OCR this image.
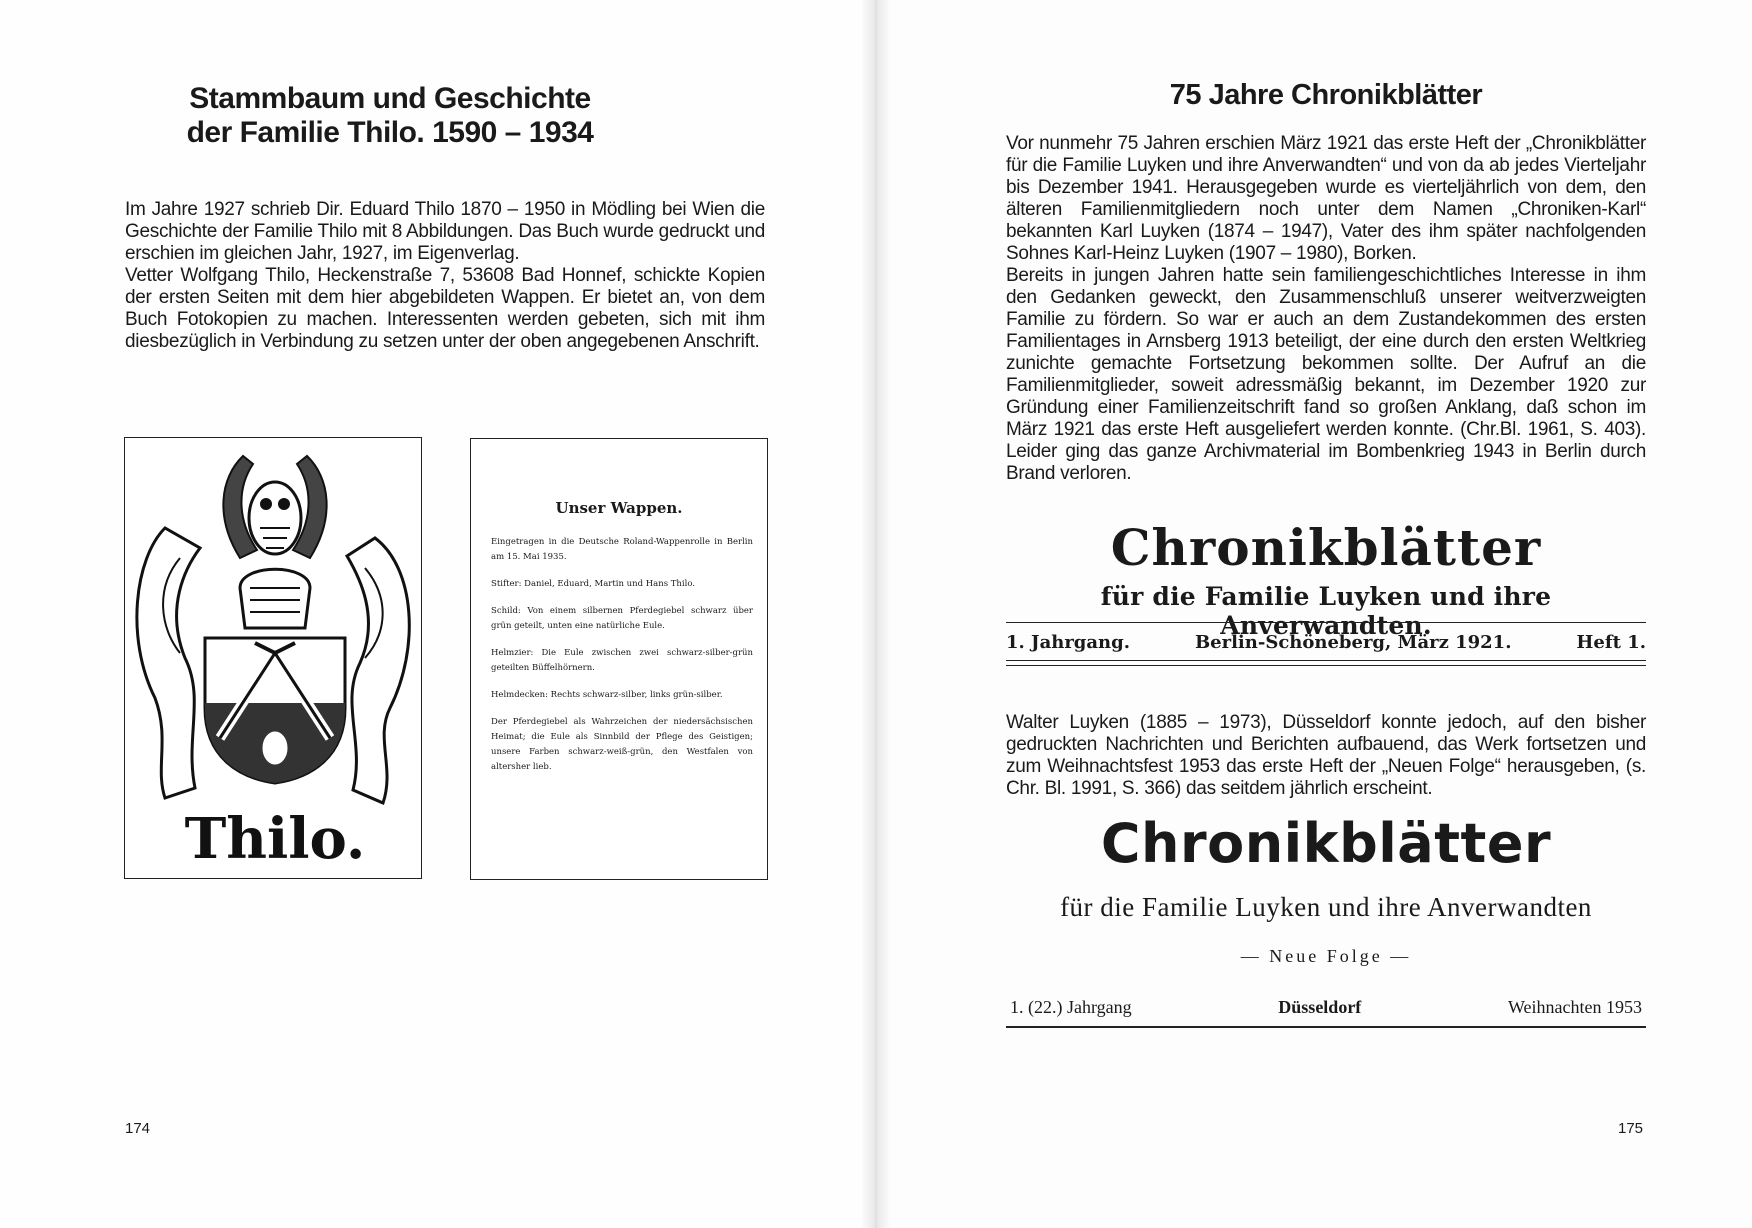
Stammbaum und Geschichte
der Familie Thilo. 1590 – 1934

Im Jahre 1927 schrieb Dir. Eduard Thilo 1870 – 1950 in Mödling bei Wien die Geschichte der Familie Thilo mit 8 Abbildungen. Das Buch wurde gedruckt und erschien im gleichen Jahr, 1927, im Eigenverlag.

Vetter Wolfgang Thilo, Heckenstraße 7, 53608 Bad Honnef, schickte Kopien der ersten Seiten mit dem hier abgebildeten Wappen. Er bietet an, von dem Buch Fotokopien zu machen. Interessenten werden gebeten, sich mit ihm diesbezüglich in Verbindung zu setzen unter der oben angegebenen Anschrift.

Thilo.
Unser Wappen.
Eingetragen in die Deutsche Roland-Wappenrolle in Berlin am 15. Mai 1935.
Stifter: Daniel, Eduard, Martin und Hans Thilo.
Schild: Von einem silbernen Pferdegiebel schwarz über grün geteilt, unten eine natürliche Eule.
Helmzier: Die Eule zwischen zwei schwarz-silber-grün geteilten Büffelhörnern.
Helmdecken: Rechts schwarz-silber, links grün-silber.
Der Pferdegiebel als Wahrzeichen der niedersächsischen Heimat; die Eule als Sinnbild der Pflege des Geistigen; unsere Farben schwarz-weiß-grün, den Westfalen von altersher lieb.
174
75 Jahre Chronikblätter

Vor nunmehr 75 Jahren erschien März 1921 das erste Heft der „Chronikblätter für die Familie Luyken und ihre Anverwandten“ und von da ab jedes Vierteljahr bis Dezember 1941. Herausgegeben wurde es vierteljährlich von dem, den älteren Familienmitgliedern noch unter dem Namen „Chroniken-Karl“ bekannten Karl Luyken (1874 – 1947), Vater des ihm später nachfolgenden Sohnes Karl-Heinz Luyken (1907 – 1980), Borken.

Bereits in jungen Jahren hatte sein familiengeschichtliches Interesse in ihm den Gedanken geweckt, den Zusammenschluß unserer weitverzweigten Familie zu fördern. So war er auch an dem Zustandekommen des ersten Familientages in Arnsberg 1913 beteiligt, der eine durch den ersten Weltkrieg zunichte gemachte Fortsetzung bekommen sollte. Der Aufruf an die Familienmitglieder, soweit adressmäßig bekannt, im Dezember 1920 zur Gründung einer Familienzeitschrift fand so großen Anklang, daß schon im März 1921 das erste Heft ausgeliefert werden konnte. (Chr.Bl. 1961, S. 403). Leider ging das ganze Archivmaterial im Bombenkrieg 1943 in Berlin durch Brand verloren.

Chronikblätter
für die Familie Luyken und ihre Anverwandten.
1. Jahrgang.	Berlin-Schöneberg, März 1921.	Heft 1.
Walter Luyken (1885 – 1973), Düsseldorf konnte jedoch, auf den bisher gedruckten Nachrichten und Berichten aufbauend, das Werk fortsetzen und zum Weihnachtsfest 1953 das erste Heft der „Neuen Folge“ herausgeben, (s. Chr. Bl. 1991, S. 366) das seitdem jährlich erscheint.
Chronikblätter
für die Familie Luyken und ihre Anverwandten
— Neue Folge —
1. (22.) Jahrgang	Düsseldorf	Weihnachten 1953
175
